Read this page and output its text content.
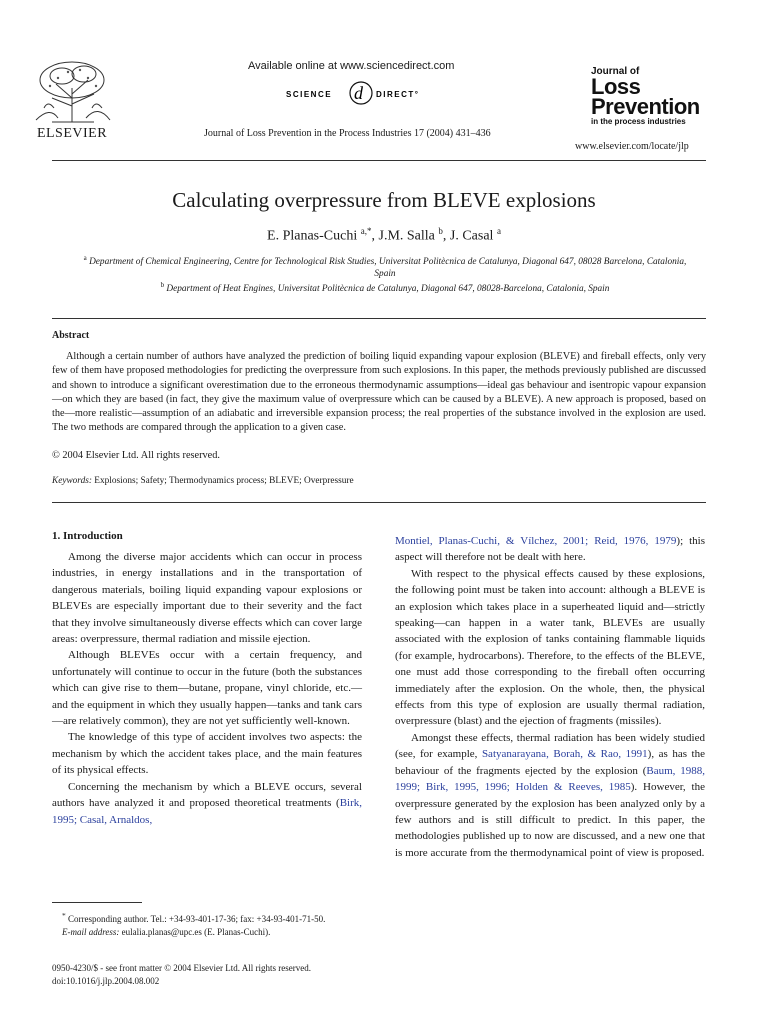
ELSEVIER
Available online at www.sciencedirect.com
SCIENCE d DIRECT°
Journal of Loss Prevention in the Process Industries 17 (2004) 431–436
Journal of
Loss
Prevention
in the process industries
www.elsevier.com/locate/jlp
Calculating overpressure from BLEVE explosions
E. Planas-Cuchi $^{a,*}$, J.M. Salla $^b$, J. Casal $^a$
$^a$ Department of Chemical Engineering, Centre for Technological Risk Studies, Universitat Politècnica de Catalunya, Diagonal 647, 08028 Barcelona, Catalonia, Spain
$^b$ Department of Heat Engines, Universitat Politècnica de Catalunya, Diagonal 647, 08028-Barcelona, Catalonia, Spain
Abstract
Although a certain number of authors have analyzed the prediction of boiling liquid expanding vapour explosion (BLEVE) and fireball effects, only very few of them have proposed methodologies for predicting the overpressure from such explosions. In this paper, the methods previously published are discussed and shown to introduce a significant overestimation due to the erroneous thermodynamic assumptions—ideal gas behaviour and isentropic vapour expansion—on which they are based (in fact, they give the maximum value of overpressure which can be caused by a BLEVE). A new approach is proposed, based on the—more realistic—assumption of an adiabatic and irreversible expansion process; the real properties of the substance involved in the explosion are used. The two methods are compared through the application to a given case.
© 2004 Elsevier Ltd. All rights reserved.
Keywords: Explosions; Safety; Thermodynamics process; BLEVE; Overpressure
1. Introduction

Among the diverse major accidents which can occur in process industries, in energy installations and in the transportation of dangerous materials, boiling liquid expanding vapour explosions or BLEVEs are especially important due to their severity and the fact that they involve simultaneously diverse effects which can cover large areas: overpressure, thermal radiation and missile ejection.

Although BLEVEs occur with a certain frequency, and unfortunately will continue to occur in the future (both the substances which can give rise to them—butane, propane, vinyl chloride, etc.—and the equipment in which they usually happen—tanks and tank cars—are relatively common), they are not yet sufficiently well-known.

The knowledge of this type of accident involves two aspects: the mechanism by which the accident takes place, and the main features of its physical effects.

Concerning the mechanism by which a BLEVE occurs, several authors have analyzed it and proposed theoretical treatments (Birk, 1995; Casal, Arnaldos,

Montiel, Planas-Cuchi, & Vílchez, 2001; Reid, 1976, 1979); this aspect will therefore not be dealt with here.

With respect to the physical effects caused by these explosions, the following point must be taken into account: although a BLEVE is an explosion which takes place in a superheated liquid and—strictly speaking—can happen in a water tank, BLEVEs are usually associated with the explosion of tanks containing flammable liquids (for example, hydrocarbons). Therefore, to the effects of the BLEVE, one must add those corresponding to the fireball often occurring immediately after the explosion. On the whole, then, the physical effects from this type of explosion are usually thermal radiation, overpressure (blast) and the ejection of fragments (missiles).

Amongst these effects, thermal radiation has been widely studied (see, for example, Satyanarayana, Borah, & Rao, 1991), as has the behaviour of the fragments ejected by the explosion (Baum, 1988, 1999; Birk, 1995, 1996; Holden & Reeves, 1985). However, the overpressure generated by the explosion has been analyzed only by a few authors and is still difficult to predict. In this paper, the methodologies published up to now are discussed, and a new one that is more accurate from the thermodynamical point of view is proposed.

* Corresponding author. Tel.: +34-93-401-17-36; fax: +34-93-401-71-50.
E-mail address: eulalia.planas@upc.es (E. Planas-Cuchi).
0950-4230/$ - see front matter © 2004 Elsevier Ltd. All rights reserved.
doi:10.1016/j.jlp.2004.08.002
